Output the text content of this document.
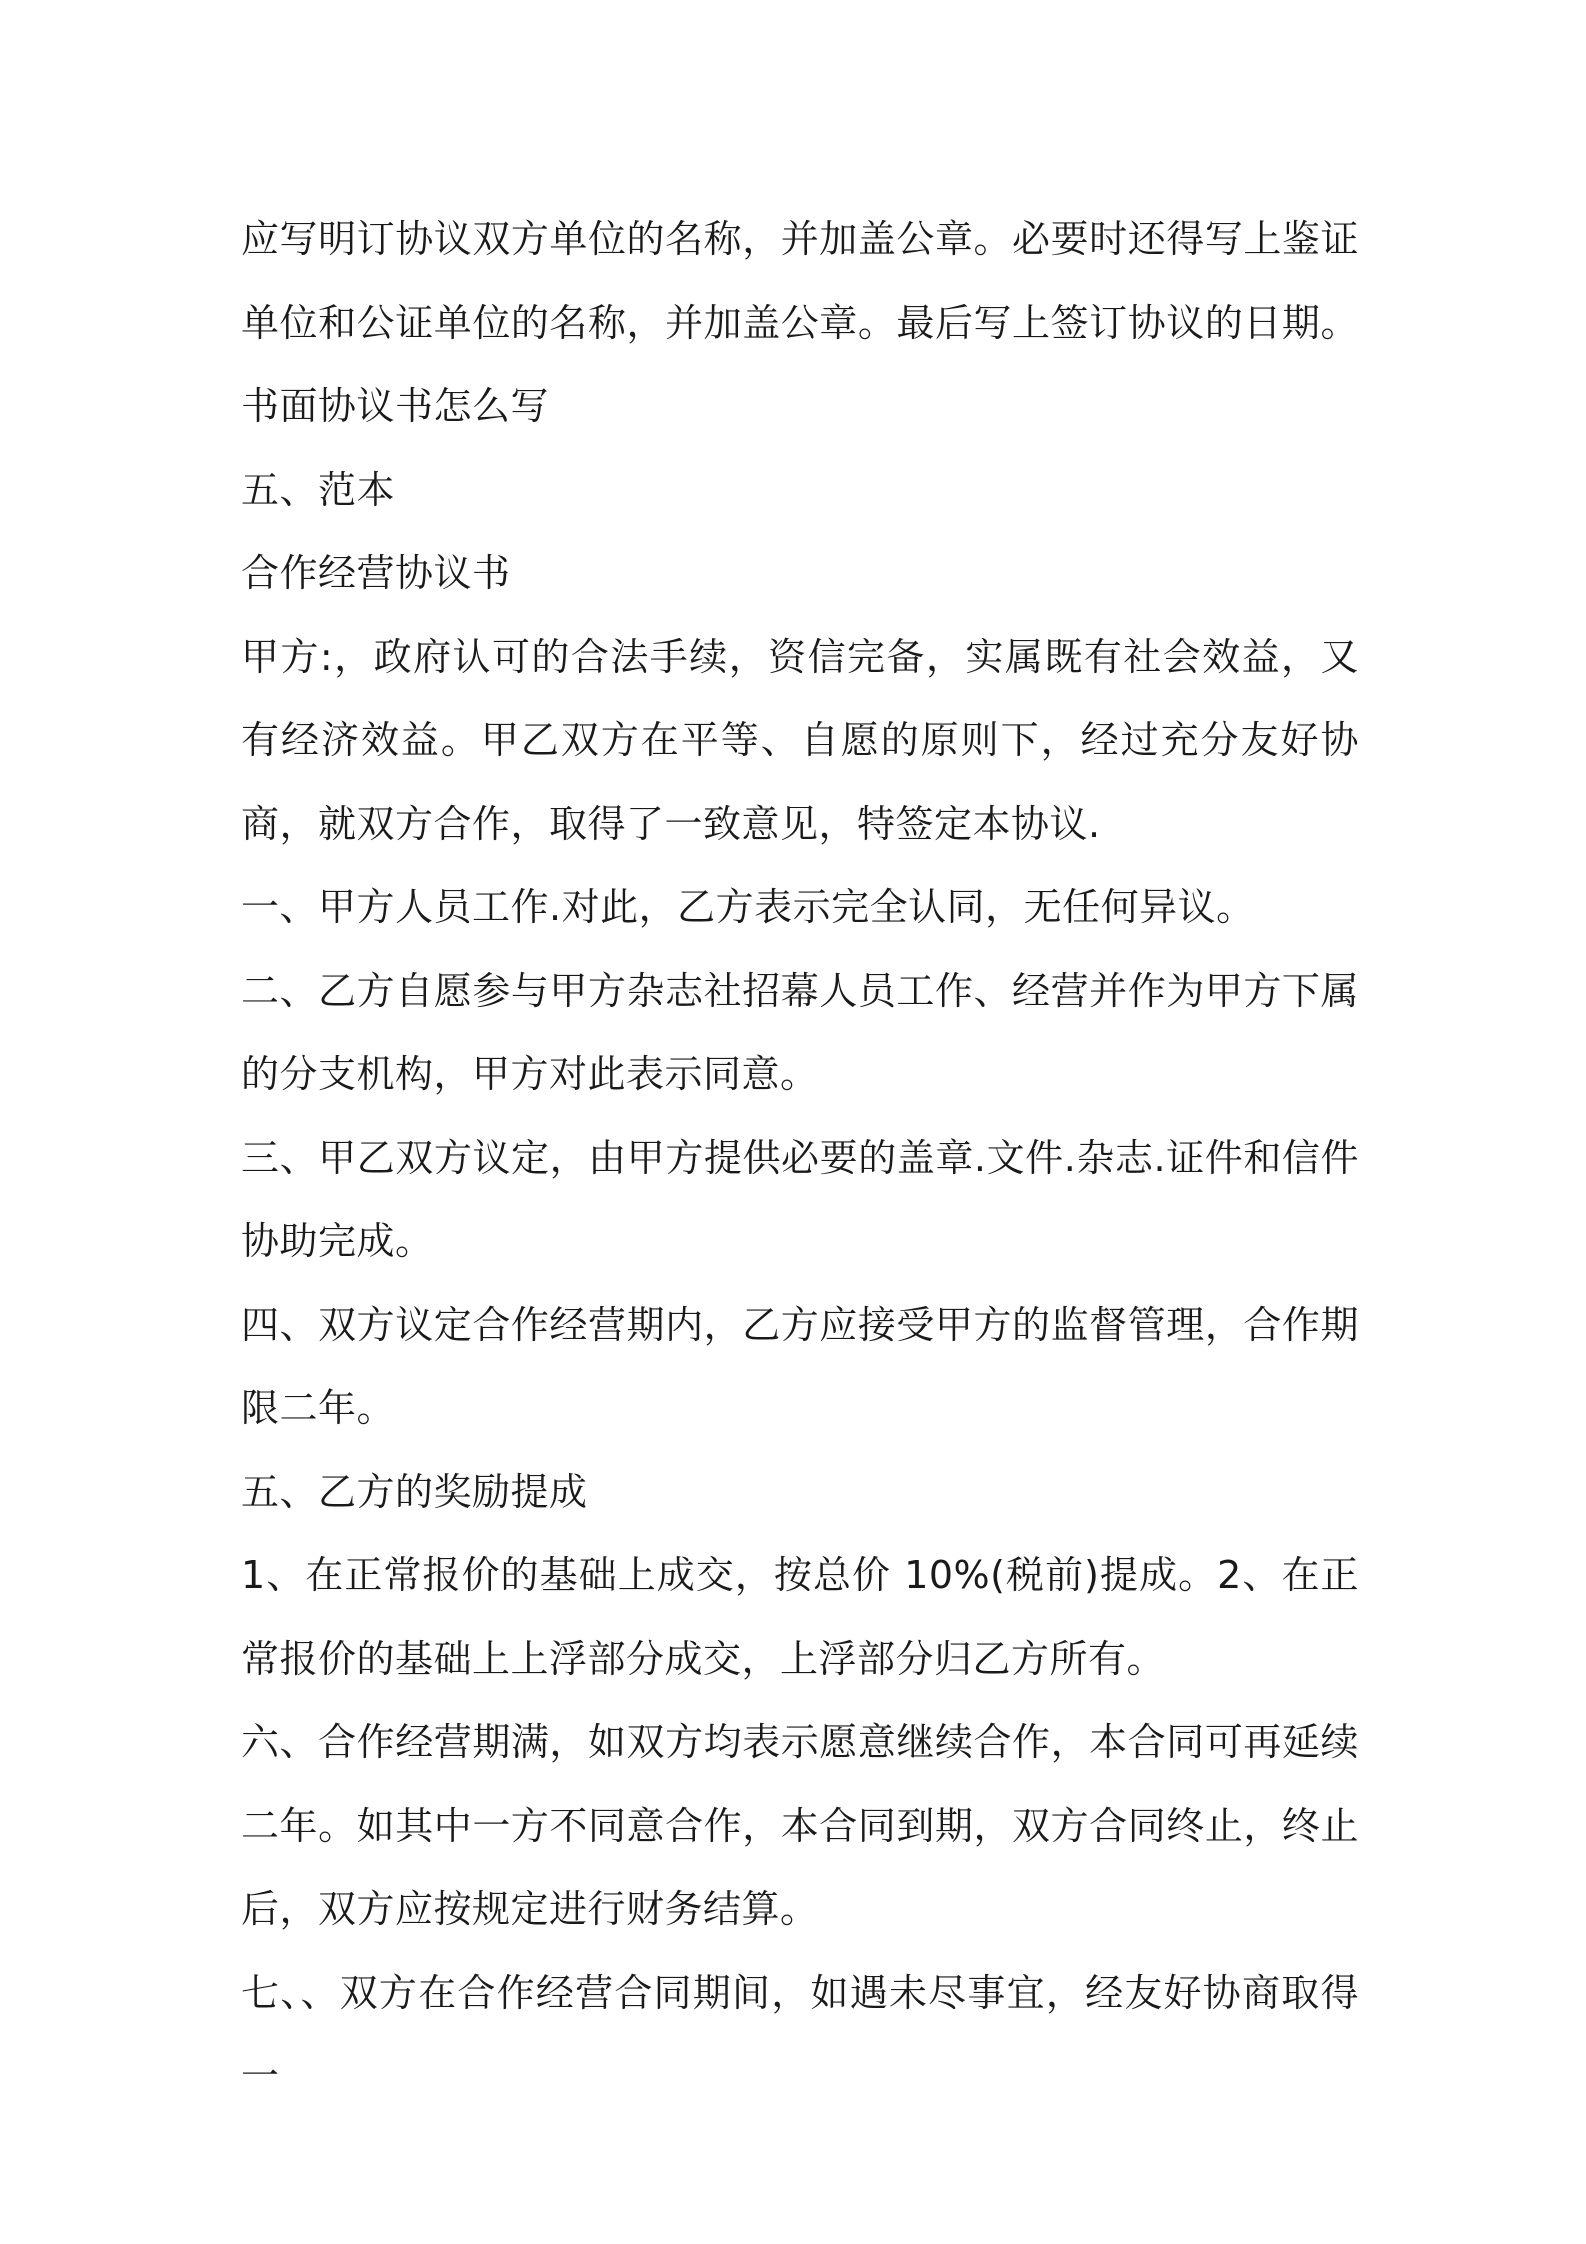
应写明订协议双方单位的名称，并加盖公章。必要时还得写上鉴证单位和公证单位的名称，并加盖公章。最后写上签订协议的日期。书面协议书怎么写

五、范本

合作经营协议书

甲方:，政府认可的合法手续，资信完备，实属既有社会效益，又有经济效益。甲乙双方在平等、自愿的原则下，经过充分友好协商，就双方合作，取得了一致意见，特签定本协议.

一、甲方人员工作.对此，乙方表示完全认同，无任何异议。

二、乙方自愿参与甲方杂志社招幕人员工作、经营并作为甲方下属的分支机构，甲方对此表示同意。

三、甲乙双方议定，由甲方提供必要的盖章.文件.杂志.证件和信件协助完成。

四、双方议定合作经营期内，乙方应接受甲方的监督管理，合作期限二年。

五、乙方的奖励提成

1、在正常报价的基础上成交，按总价 10%(税前)提成。2、在正常报价的基础上上浮部分成交，上浮部分归乙方所有。

六、合作经营期满，如双方均表示愿意继续合作，本合同可再延续二年。如其中一方不同意合作，本合同到期，双方合同终止，终止后，双方应按规定进行财务结算。

七、、双方在合作经营合同期间，如遇未尽事宜，经友好协商取得一
